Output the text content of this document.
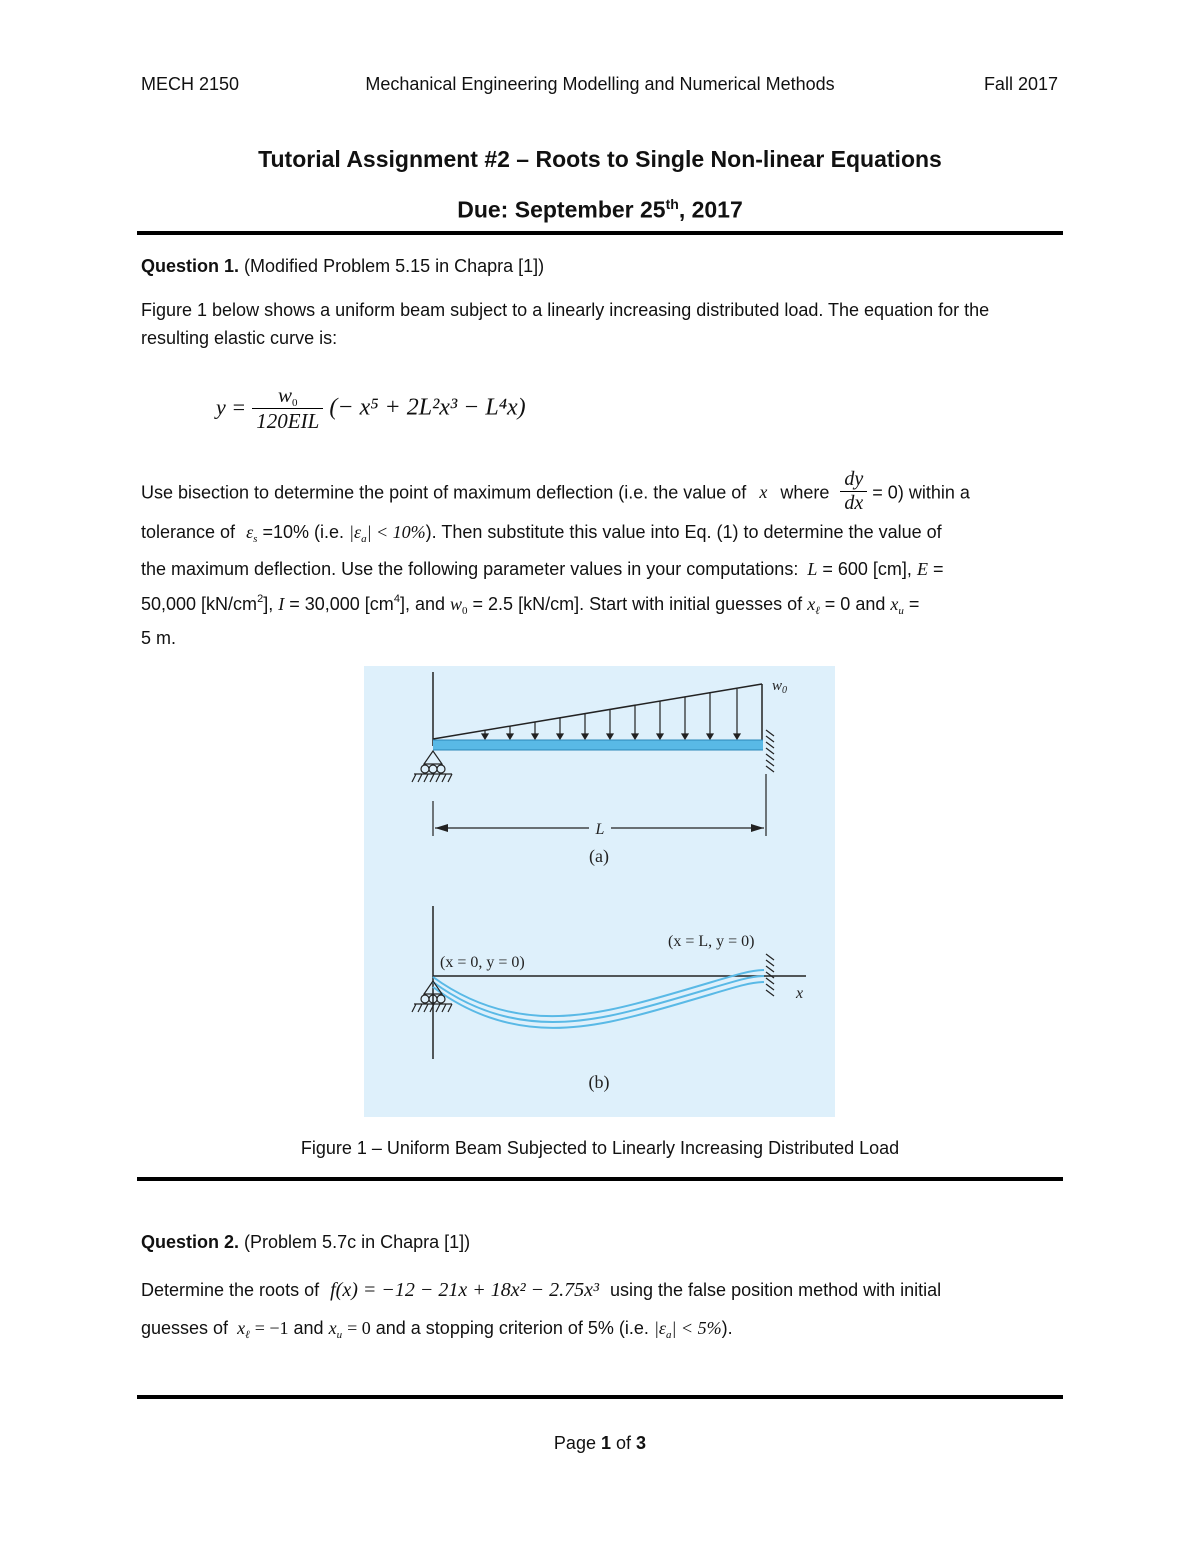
MECH 2150	Mechanical Engineering Modelling and Numerical Methods	Fall 2017
Tutorial Assignment #2 – Roots to Single Non-linear Equations
Due: September 25th, 2017
Question 1. (Modified Problem 5.15 in Chapra [1])
Figure 1 below shows a uniform beam subject to a linearly increasing distributed load. The equation for the resulting elastic curve is:
$y = \frac{w_0}{\text{120EIL}}$ (− x⁵ + 2L²x³ − L⁴x)
Use bisection to determine the point of maximum deflection (i.e. the value of x where $\frac{dy}{dx} = 0$) within a
tolerance of $\varepsilon_s =10\%$ (i.e. $|\varepsilon_a| < 10\%$). Then substitute this value into Eq. (1) to determine the value of
the maximum deflection. Use the following parameter values in your computations: L = 600 [cm], E =
50,000 $[kN/cm^2]$, I = 30,000 $[cm^4]$, and $w_0 = 2.5$ [kN/cm]. Start with initial guesses of $x_\ell = 0$ and $x_u$ =
5 m.
$w_0$
L
(a)
x
(x = 0, y = 0)
(x = L, y = 0)
(b)
Figure 1 – Uniform Beam Subjected to Linearly Increasing Distributed Load
Question 2. (Problem 5.7c in Chapra [1])
Determine the roots of f(x) = −12 − 21x + 18x² − 2.75x³ using the false position method with initial
guesses of $x_\ell = -1$ and $x_u = 0$ and a stopping criterion of 5% (i.e. $|\varepsilon_a| < 5\%$).
Page 1 of 3
